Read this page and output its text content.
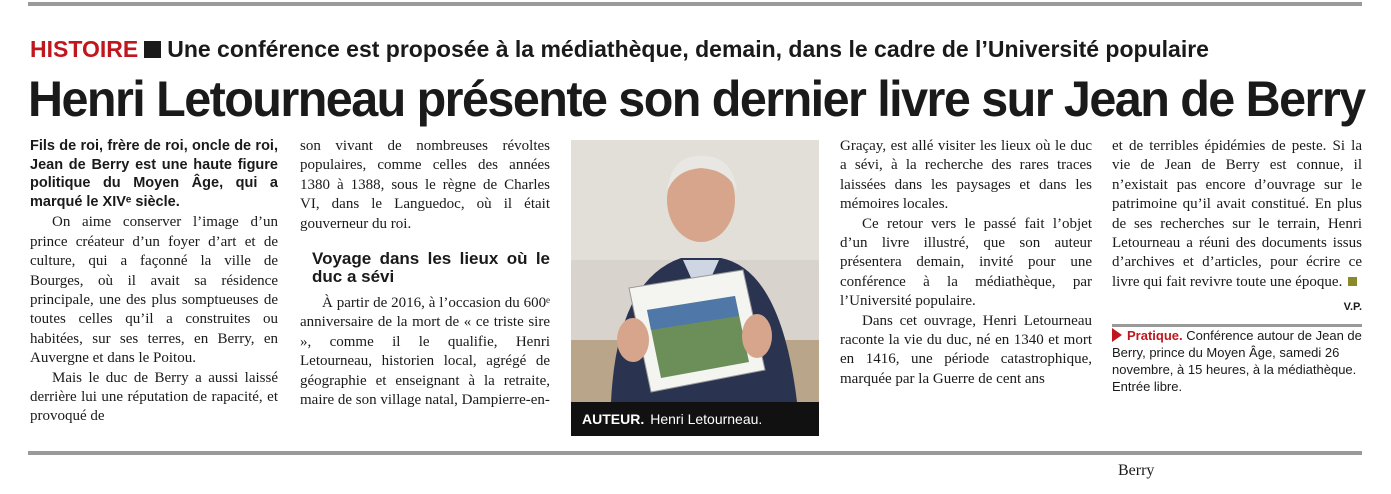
HISTOIRE Une conférence est proposée à la médiathèque, demain, dans le cadre de l’Université populaire
Henri Letourneau présente son dernier livre sur Jean de Berry

Fils de roi, frère de roi, oncle de roi, Jean de Berry est une haute figure politique du Moyen Âge, qui a marqué le XIVᵉ siècle.

On aime conserver l’image d’un prince créateur d’un foyer d’art et de culture, qui a façonné la ville de Bourges, où il avait sa résidence principale, une des plus somptueuses de toutes celles qu’il a construites ou habitées, sur ses terres, en Berry, en Auvergne et dans le Poitou.

Mais le duc de Berry a aussi laissé derrière lui une réputation de rapacité, et provoqué de

son vivant de nombreuses révoltes populaires, comme celles des années 1380 à 1388, sous le règne de Charles VI, dans le Languedoc, où il était gouverneur du roi.

Voyage dans les lieux où le duc a sévi

À partir de 2016, à l’occasion du 600ᵉ anniversaire de la mort de « ce triste sire », comme il le qualifie, Henri Letourneau, historien local, agrégé de géographie et enseignant à la retraite, maire de son village natal, Dampierre-en-

AUTEUR. Henri Letourneau.

Graçay, est allé visiter les lieux où le duc a sévi, à la recherche des rares traces laissées dans les paysages et dans les mémoires locales.

Ce retour vers le passé fait l’objet d’un livre illustré, que son auteur présentera demain, invité pour une conférence à la médiathèque, par l’Université populaire.

Dans cet ouvrage, Henri Letourneau raconte la vie du duc, né en 1340 et mort en 1416, une période catastrophique, marquée par la Guerre de cent ans

et de terribles épidémies de peste. Si la vie de Jean de Berry est connue, il n’existait pas encore d’ouvrage sur le patrimoine qu’il avait constitué. En plus de ses recherches sur le terrain, Henri Letourneau a réuni des documents issus d’archives et d’articles, pour écrire ce livre qui fait revivre toute une époque.

V.P.

Pratique. Conférence autour de Jean de Berry, prince du Moyen Âge, samedi 26 novembre, à 15 heures, à la médiathèque. Entrée libre.

Berry
